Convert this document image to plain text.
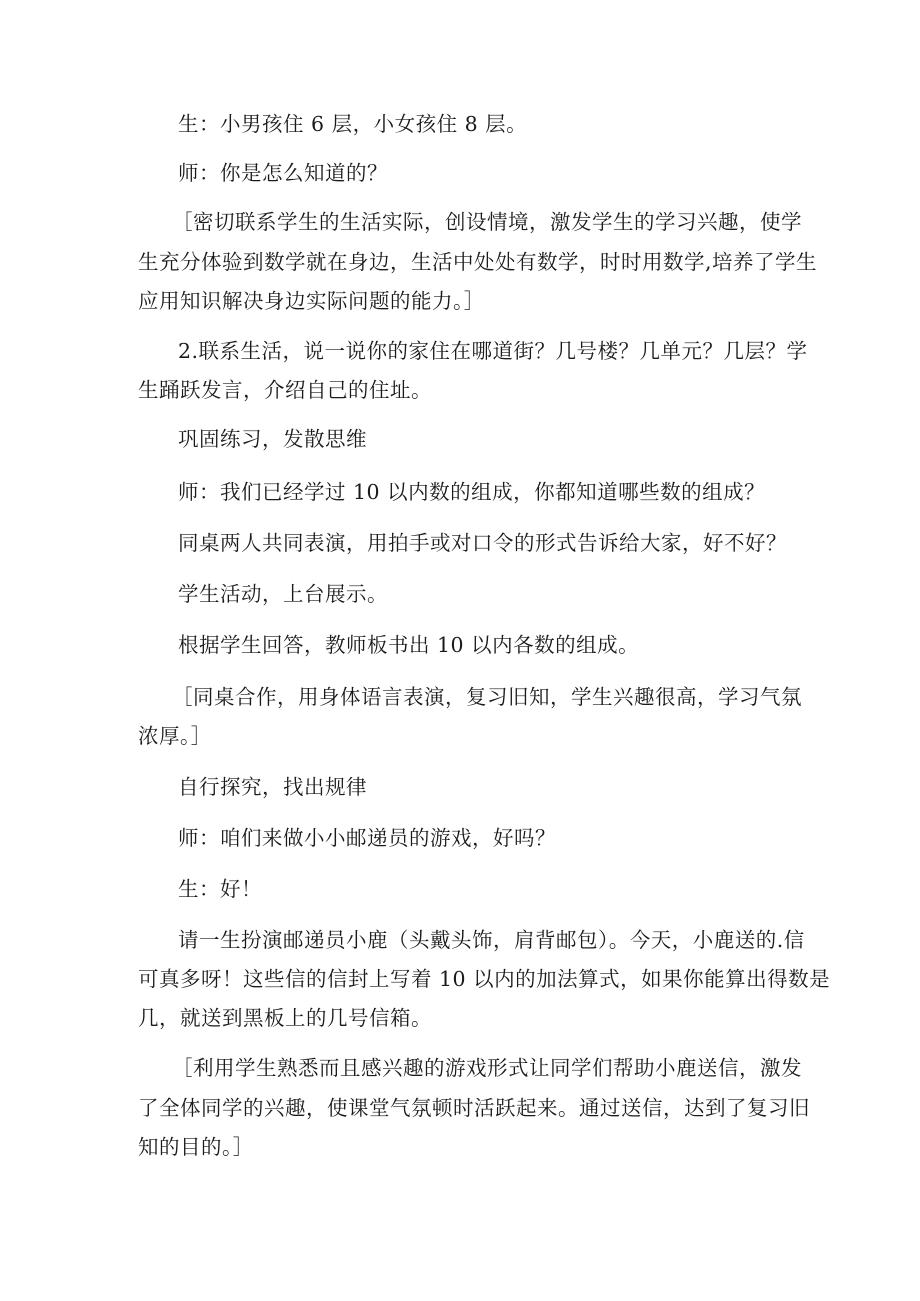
生：小男孩住 6 层，小女孩住 8 层。
师：你是怎么知道的？
［密切联系学生的生活实际，创设情境，激发学生的学习兴趣，使学
生充分体验到数学就在身边，生活中处处有数学，时时用数学,培养了学生
应用知识解决身边实际问题的能力。］
2.联系生活，说一说你的家住在哪道街？几号楼？几单元？几层？学
生踊跃发言，介绍自己的住址。
巩固练习，发散思维
师：我们已经学过 10 以内数的组成，你都知道哪些数的组成？
同桌两人共同表演，用拍手或对口令的形式告诉给大家，好不好？
学生活动，上台展示。
根据学生回答，教师板书出 10 以内各数的组成。
［同桌合作，用身体语言表演，复习旧知，学生兴趣很高，学习气氛
浓厚。］
自行探究，找出规律
师：咱们来做小小邮递员的游戏，好吗？
生：好！
请一生扮演邮递员小鹿（头戴头饰，肩背邮包）。今天，小鹿送的.信
可真多呀！这些信的信封上写着 10 以内的加法算式，如果你能算出得数是
几，就送到黑板上的几号信箱。
［利用学生熟悉而且感兴趣的游戏形式让同学们帮助小鹿送信，激发
了全体同学的兴趣，使课堂气氛顿时活跃起来。通过送信，达到了复习旧
知的目的。］
